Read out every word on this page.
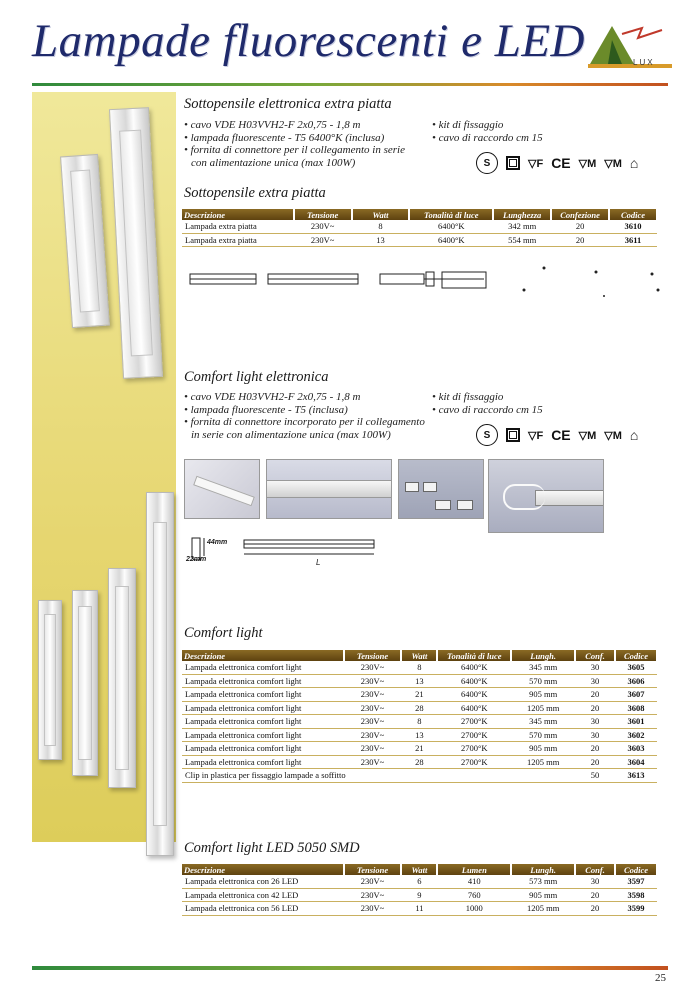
Lampade fluorescenti e LED	LUX
Sottopensile elettronica extra piatta
• cavo VDE H03VVH2-F 2x0,75 - 1,8 m
• lampada fluorescente - T5 6400°K (inclusa)
• fornita di connettore per il collegamento in serie
con alimentazione unica (max 100W)
• kit di fissaggio
• cavo di raccordo cm 15
S	▽F CE ▽M ▽M ⌂
Sottopensile extra piatta
Descrizione	Tensione	Watt	Tonalità di luce	Lunghezza	Confezione	Codice
Lampada extra piatta	230V~	8	6400°K	342 mm	20	3610
Lampada extra piatta	230V~	13	6400°K	554 mm	20	3611
Comfort light elettronica
• cavo VDE H03VVH2-F 2x0,75 - 1,8 m
• lampada fluorescente - T5 (inclusa)
• fornita di connettore incorporato per il collegamento
in serie con alimentazione unica (max 100W)
• kit di fissaggio
• cavo di raccordo cm 15
S	▽F CE ▽M ▽M ⌂
44mm
22mm	L
Comfort light
Descrizione	Tensione	Watt	Tonalità di luce	Lungh.	Conf.	Codice
Lampada elettronica comfort light	230V~	8	6400°K	345 mm	30	3605
Lampada elettronica comfort light	230V~	13	6400°K	570 mm	30	3606
Lampada elettronica comfort light	230V~	21	6400°K	905 mm	20	3607
Lampada elettronica comfort light	230V~	28	6400°K	1205 mm	20	3608
Lampada elettronica comfort light	230V~	8	2700°K	345 mm	30	3601
Lampada elettronica comfort light	230V~	13	2700°K	570 mm	30	3602
Lampada elettronica comfort light	230V~	21	2700°K	905 mm	20	3603
Lampada elettronica comfort light	230V~	28	2700°K	1205 mm	20	3604
Clip in plastica per fissaggio lampade a soffitto					50	3613
Comfort light LED 5050 SMD
Descrizione	Tensione	Watt	Lumen	Lungh.	Conf.	Codice
Lampada elettronica con 26 LED	230V~	6	410	573 mm	30	3597
Lampada elettronica con 42 LED	230V~	9	760	905 mm	20	3598
Lampada elettronica con 56 LED	230V~	11	1000	1205 mm	20	3599
25
